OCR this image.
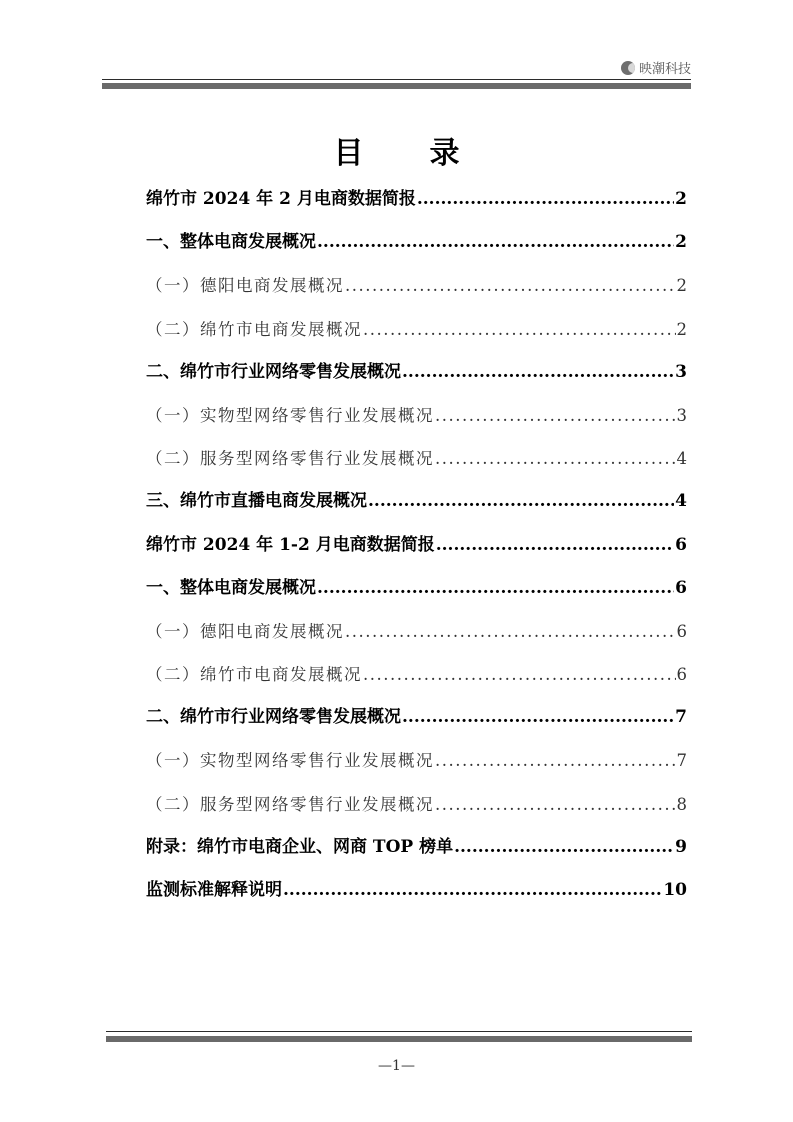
映潮科技
目录
绵竹市 2024 年 2 月电商数据简报 .....	2
一、整体电商发展概况 .....	2
（一）德阳电商发展概况 .....	2
（二）绵竹市电商发展概况 .....	2
二、绵竹市行业网络零售发展概况 .....	3
（一）实物型网络零售行业发展概况 .....	3
（二）服务型网络零售行业发展概况 .....	4
三、绵竹市直播电商发展概况 .....	4
绵竹市 2024 年 1-2 月电商数据简报 .....	6
一、整体电商发展概况 .....	6
（一）德阳电商发展概况 .....	6
（二）绵竹市电商发展概况 .....	6
二、绵竹市行业网络零售发展概况 .....	7
（一）实物型网络零售行业发展概况 .....	7
（二）服务型网络零售行业发展概况 .....	8
附录：绵竹市电商企业、网商 TOP 榜单 .....	9
监测标准解释说明 .....	10
—1—
